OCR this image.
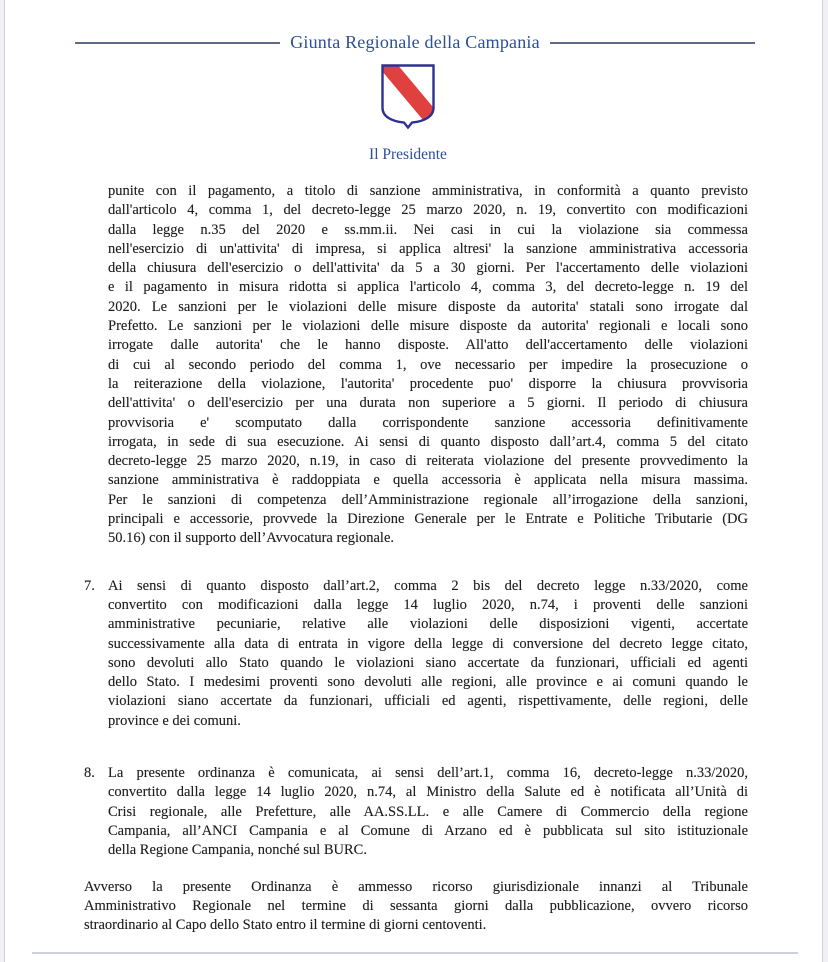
Giunta Regionale della Campania
Il Presidente
punite con il pagamento, a titolo di sanzione amministrativa, in conformità a quanto previsto
dall'articolo 4, comma 1, del decreto-legge 25 marzo 2020, n. 19, convertito con modificazioni
dalla legge n.35 del 2020 e ss.mm.ii. Nei casi in cui la violazione sia commessa
nell'esercizio di un'attivita' di impresa, si applica altresi' la sanzione amministrativa accessoria
della chiusura dell'esercizio o dell'attivita' da 5 a 30 giorni. Per l'accertamento delle violazioni
e il pagamento in misura ridotta si applica l'articolo 4, comma 3, del decreto-legge n. 19 del
2020. Le sanzioni per le violazioni delle misure disposte da autorita' statali sono irrogate dal
Prefetto. Le sanzioni per le violazioni delle misure disposte da autorita' regionali e locali sono
irrogate dalle autorita' che le hanno disposte. All'atto dell'accertamento delle violazioni
di cui al secondo periodo del comma 1, ove necessario per impedire la prosecuzione o
la reiterazione della violazione, l'autorita' procedente puo' disporre la chiusura provvisoria
dell'attivita' o dell'esercizio per una durata non superiore a 5 giorni. Il periodo di chiusura
provvisoria e' scomputato dalla corrispondente sanzione accessoria definitivamente
irrogata, in sede di sua esecuzione. Ai sensi di quanto disposto dall’art.4, comma 5 del citato
decreto-legge 25 marzo 2020, n.19, in caso di reiterata violazione del presente provvedimento la
sanzione amministrativa è raddoppiata e quella accessoria è applicata nella misura massima.
Per le sanzioni di competenza dell’Amministrazione regionale all’irrogazione della sanzioni,
principali e accessorie, provvede la Direzione Generale per le Entrate e Politiche Tributarie (DG
50.16) con il supporto dell’Avvocatura regionale.
7. Ai sensi di quanto disposto dall’art.2, comma 2 bis del decreto legge n.33/2020, come
convertito con modificazioni dalla legge 14 luglio 2020, n.74, i proventi delle sanzioni
amministrative pecuniarie, relative alle violazioni delle disposizioni vigenti, accertate
successivamente alla data di entrata in vigore della legge di conversione del decreto legge citato,
sono devoluti allo Stato quando le violazioni siano accertate da funzionari, ufficiali ed agenti
dello Stato. I medesimi proventi sono devoluti alle regioni, alle province e ai comuni quando le
violazioni siano accertate da funzionari, ufficiali ed agenti, rispettivamente, delle regioni, delle
province e dei comuni.
8. La presente ordinanza è comunicata, ai sensi dell’art.1, comma 16, decreto-legge n.33/2020,
convertito dalla legge 14 luglio 2020, n.74, al Ministro della Salute ed è notificata all’Unità di
Crisi regionale, alle Prefetture, alle AA.SS.LL. e alle Camere di Commercio della regione
Campania, all’ANCI Campania e al Comune di Arzano ed è pubblicata sul sito istituzionale
della Regione Campania, nonché sul BURC.
Avverso la presente Ordinanza è ammesso ricorso giurisdizionale innanzi al Tribunale
Amministrativo Regionale nel termine di sessanta giorni dalla pubblicazione, ovvero ricorso
straordinario al Capo dello Stato entro il termine di giorni centoventi.
